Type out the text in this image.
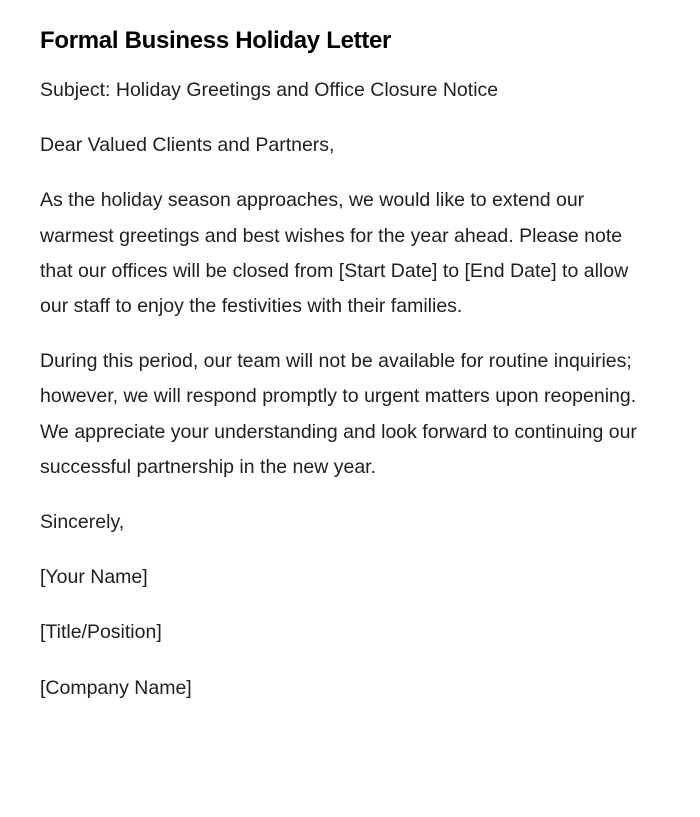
Formal Business Holiday Letter

Subject: Holiday Greetings and Office Closure Notice

Dear Valued Clients and Partners,

As the holiday season approaches, we would like to extend our warmest greetings and best wishes for the year ahead. Please note that our offices will be closed from [Start Date] to [End Date] to allow our staff to enjoy the festivities with their families.

During this period, our team will not be available for routine inquiries; however, we will respond promptly to urgent matters upon reopening. We appreciate your understanding and look forward to continuing our successful partnership in the new year.

Sincerely,

[Your Name]

[Title/Position]

[Company Name]
